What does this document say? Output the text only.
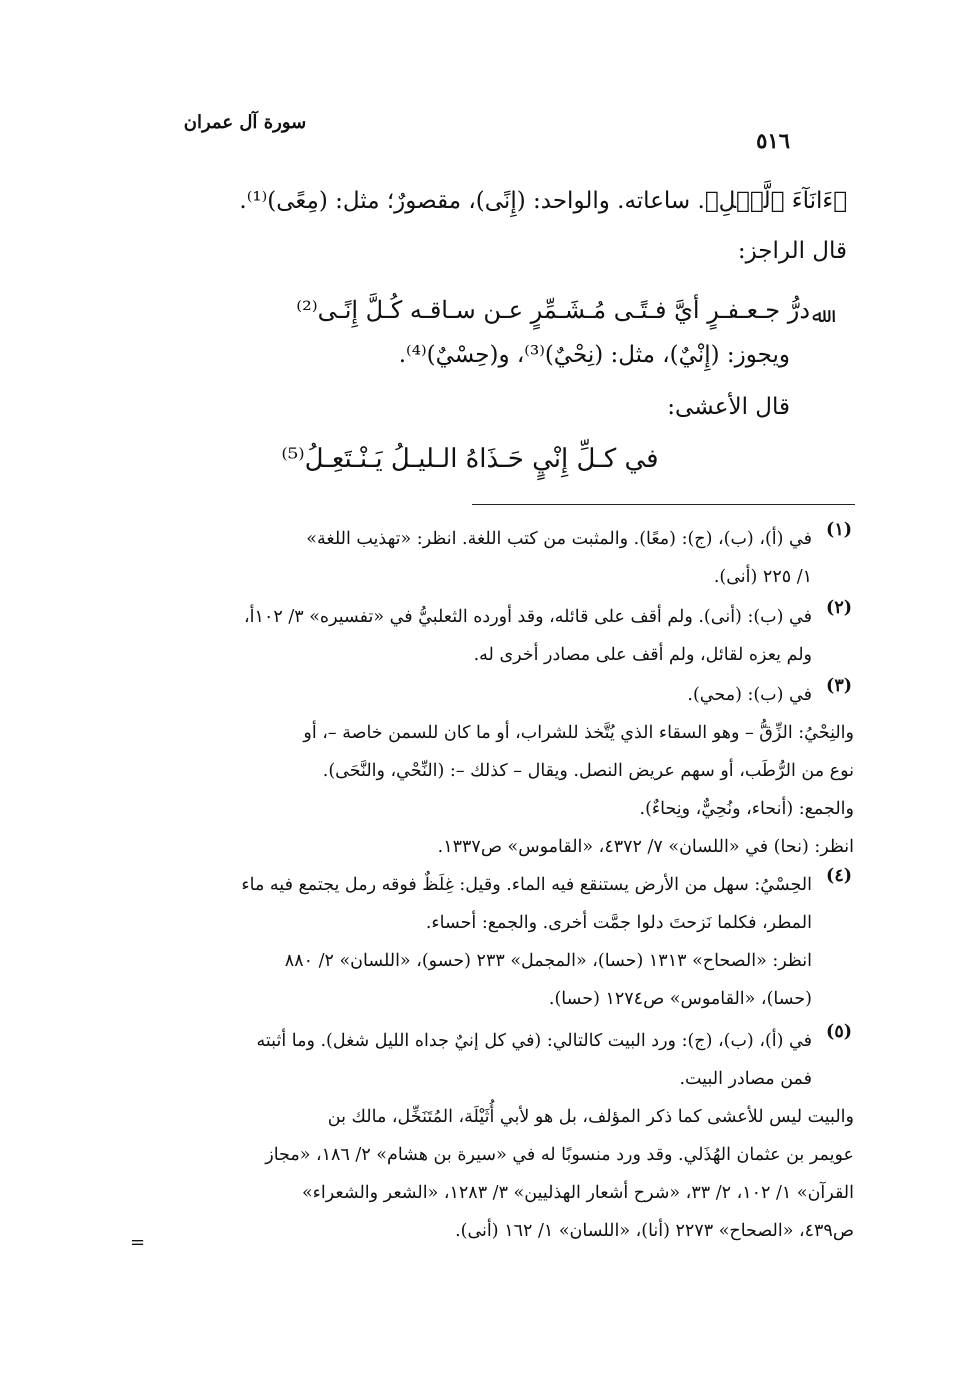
سورة آل عمران
٥١٦
﴿ءَانَآءَ ٱلَّيۡلِ﴾. ساعاته. والواحد: (إِنًى)، مقصورٌ؛ مثل: (مِعًى)⁽¹⁾.
قال الراجز:
ﷲ
درُّ جـعـفـرٍ أيَّ فـتًـى مُـشَـمِّرٍ عـن سـاقـه كُـلَّ إِنًـى⁽²⁾
ويجوز: (إِنْيٌ)، مثل: (نِحْيٌ)⁽³⁾، و(حِسْيٌ)⁽⁴⁾.
قال الأعشى:
في كـلِّ إِنْيٍ حَـذَاهُ الـليـلُ يَـنْـتَعِـلُ⁽⁵⁾
(١)
في (أ)، (ب)، (ج): (معًا). والمثبت من كتب اللغة. انظر: «تهذيب اللغة»
١/ ٢٢٥ (أنى).
(٢)
في (ب): (أنى). ولم أقف على قائله، وقد أورده الثعلبيُّ في «تفسيره» ٣/ ١٠٢أ،
ولم يعزه لقائل، ولم أقف على مصادر أخرى له.
(٣)
في (ب): (محي).
والنِحْيُ: الزِّقُّ – وهو السقاء الذي يُتَّخذ للشراب، أو ما كان للسمن خاصة –، أو
نوع من الرُّطَب، أو سهم عريض النصل. ويقال – كذلك –: (النِّحْي، والنَّحَى).
والجمع: (أنحاء، ونُحِيٌّ، ونِحاءٌ).
انظر: (نحا) في «اللسان» ٧/ ٤٣٧٢، «القاموس» ص١٣٣٧.
(٤)
الحِسْيُ: سهل من الأرض يستنقع فيه الماء. وقيل: غِلَظٌ فوقه رمل يجتمع فيه ماء
المطر، فكلما نَزحتَ دلوا جمَّت أخرى. والجمع: أحساء.
انظر: «الصحاح» ١٣١٣ (حسا)، «المجمل» ٢٣٣ (حسو)، «اللسان» ٢/ ٨٨٠
(حسا)، «القاموس» ص١٢٧٤ (حسا).
(٥)
في (أ)، (ب)، (ج): ورد البيت كالتالي: (في كل إنيٌ جداه الليل شغل). وما أثبته
فمن مصادر البيت.
والبيت ليس للأعشى كما ذكر المؤلف، بل هو لأبي أُثَيْلَة، المُتَنَخِّل، مالك بن
عويمر بن عثمان الهُذَلي. وقد ورد منسوبًا له في «سيرة بن هشام» ٢/ ١٨٦، «مجاز
القرآن» ١/ ١٠٢، ٢/ ٣٣، «شرح أشعار الهذليين» ٣/ ١٢٨٣، «الشعر والشعراء»
ص٤٣٩، «الصحاح» ٢٢٧٣ (أنا)، «اللسان» ١/ ١٦٢ (أنى).
=
